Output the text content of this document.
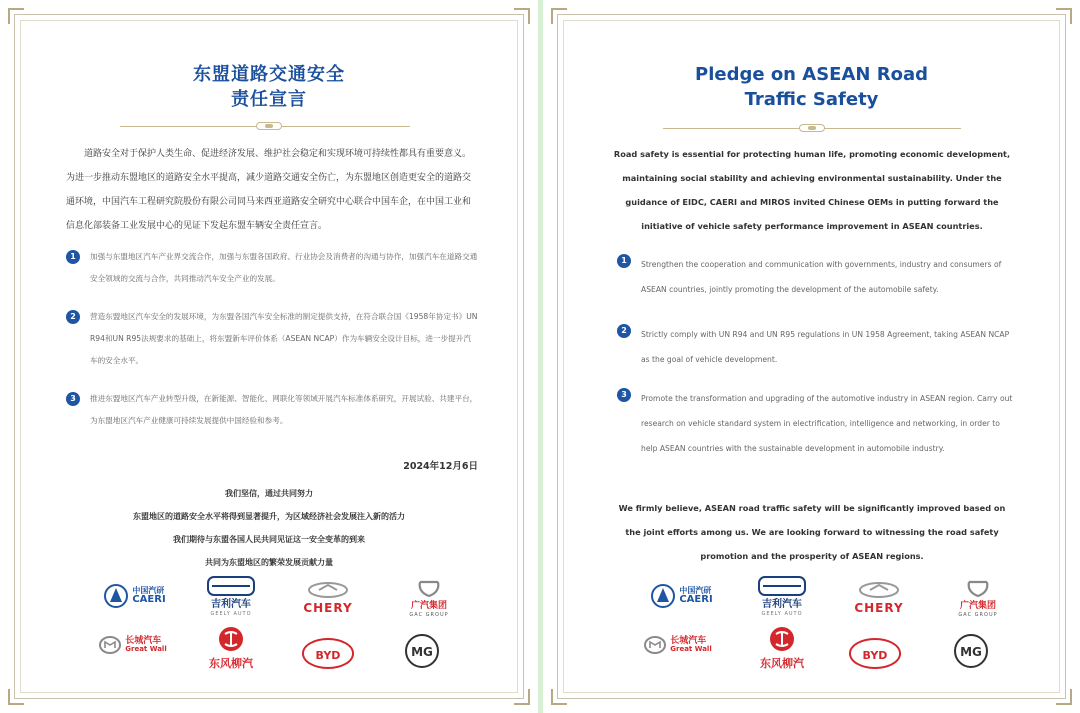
东盟道路交通安全
责任宣言
道路安全对于保护人类生命、促进经济发展、维护社会稳定和实现环境可持续性都具有重要意义。为进一步推动东盟地区的道路安全水平提高，减少道路交通安全伤亡，为东盟地区创造更安全的道路交通环境，中国汽车工程研究院股份有限公司同马来西亚道路安全研究中心联合中国车企，在中国工业和信息化部装备工业发展中心的见证下发起东盟车辆安全责任宣言。
1	加强与东盟地区汽车产业界交流合作，加强与东盟各国政府、行业协会及消费者的沟通与协作，加强汽车在道路交通安全领域的交流与合作，共同推动汽车安全产业的发展。
2	营造东盟地区汽车安全的发展环境，为东盟各国汽车安全标准的制定提供支持，在符合联合国《1958年协定书》UN R94和UN R95法规要求的基础上，将东盟新车评价体系（ASEAN NCAP）作为车辆安全设计目标，进一步提升汽车的安全水平。
3	推进东盟地区汽车产业转型升级，在新能源、智能化、网联化等领域开展汽车标准体系研究，开展试验、共建平台，为东盟地区汽车产业健康可持续发展提供中国经验和参考。
2024年12月6日
我们坚信，通过共同努力
东盟地区的道路安全水平将得到显著提升，为区域经济社会发展注入新的活力
我们期待与东盟各国人民共同见证这一安全变革的到来
共同为东盟地区的繁荣发展贡献力量
中国汽研
CAERI	吉利汽车
GEELY AUTO	CHERY	广汽集团
GAC GROUP
长城汽车
Great Wall
东风柳汽
BYD	MG
Pledge on ASEAN Road
Traffic Safety
Road safety is essential for protecting human life, promoting economic development, maintaining social stability and achieving environmental sustainability. Under the guidance of EIDC, CAERI and MIROS invited Chinese OEMs in putting forward the initiative of vehicle safety performance improvement in ASEAN countries.
1	Strengthen the cooperation and communication with governments, industry and consumers of ASEAN countries, jointly promoting the development of the automobile safety.
2	Strictly comply with UN R94 and UN R95 regulations in UN 1958 Agreement, taking ASEAN NCAP as the goal of vehicle development.
3	Promote the transformation and upgrading of the automotive industry in ASEAN region. Carry out research on vehicle standard system in electrification, intelligence and networking, in order to help ASEAN countries with the sustainable development in automobile industry.
We firmly believe, ASEAN road traffic safety will be significantly improved based on the joint efforts among us. We are looking forward to witnessing the road safety promotion and the prosperity of ASEAN regions.
中国汽研
CAERI	吉利汽车
GEELY AUTO	CHERY	广汽集团
GAC GROUP
长城汽车
Great Wall
东风柳汽
BYD	MG
